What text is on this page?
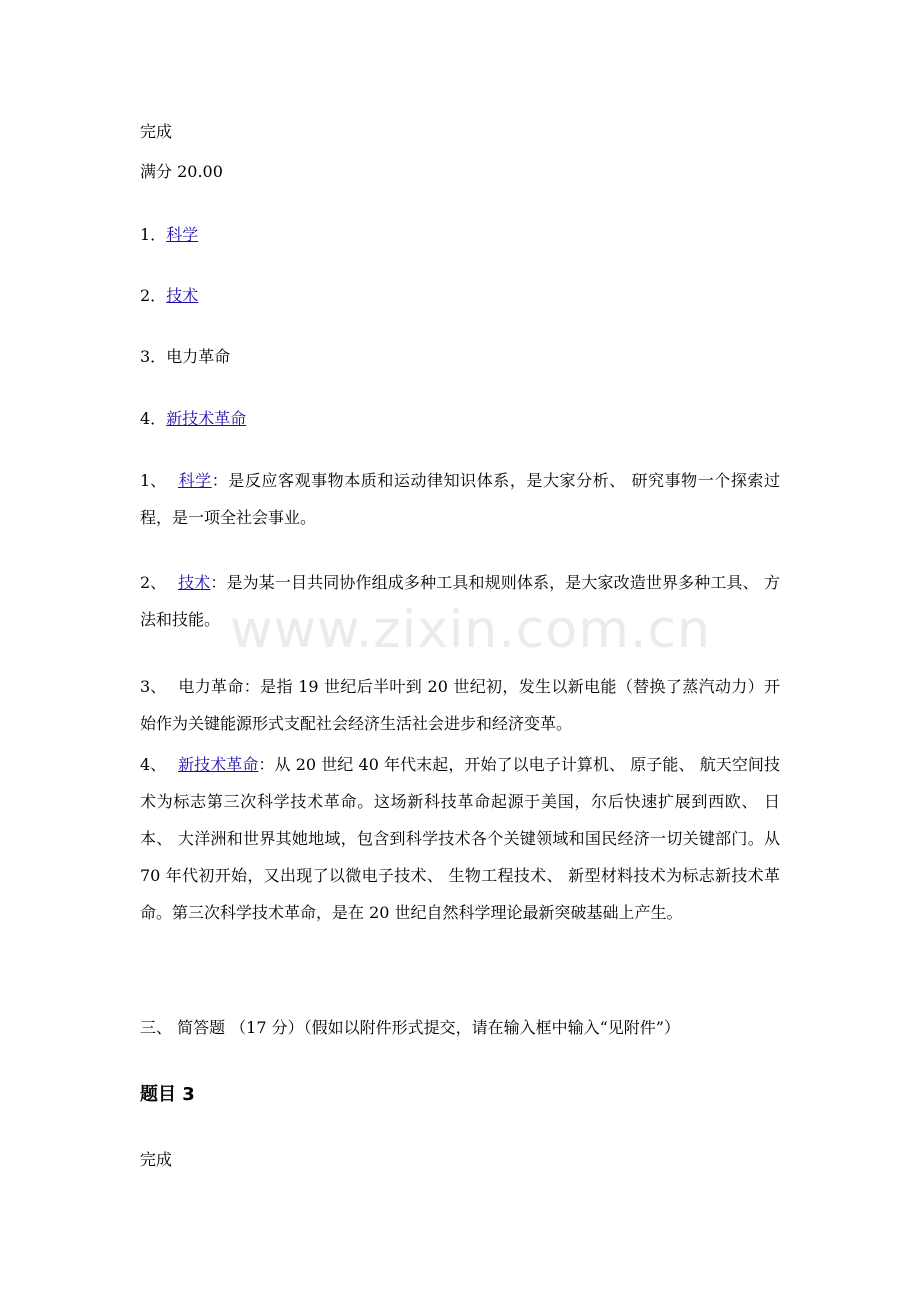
www.zixin.com.cn
完成
满分 20.00
1．科学
2．技术
3．电力革命
4．新技术革命
1、 科学：是反应客观事物本质和运动律知识体系，是大家分析、 研究事物一个探索过程，是一项全社会事业。
2、 技术：是为某一目共同协作组成多种工具和规则体系，是大家改造世界多种工具、 方法和技能。
3、 电力革命：是指 19 世纪后半叶到 20 世纪初，发生以新电能（替换了蒸汽动力）开始作为关键能源形式支配社会经济生活社会进步和经济变革。
4、 新技术革命：从 20 世纪 40 年代末起，开始了以电子计算机、 原子能、 航天空间技术为标志第三次科学技术革命。这场新科技革命起源于美国，尔后快速扩展到西欧、 日本、 大洋洲和世界其她地域，包含到科学技术各个关键领域和国民经济一切关键部门。从 70 年代初开始，又出现了以微电子技术、 生物工程技术、 新型材料技术为标志新技术革命。第三次科学技术革命，是在 20 世纪自然科学理论最新突破基础上产生。
三、 简答题 （17 分）（假如以附件形式提交，请在输入框中输入“见附件”）
题目 3
完成
